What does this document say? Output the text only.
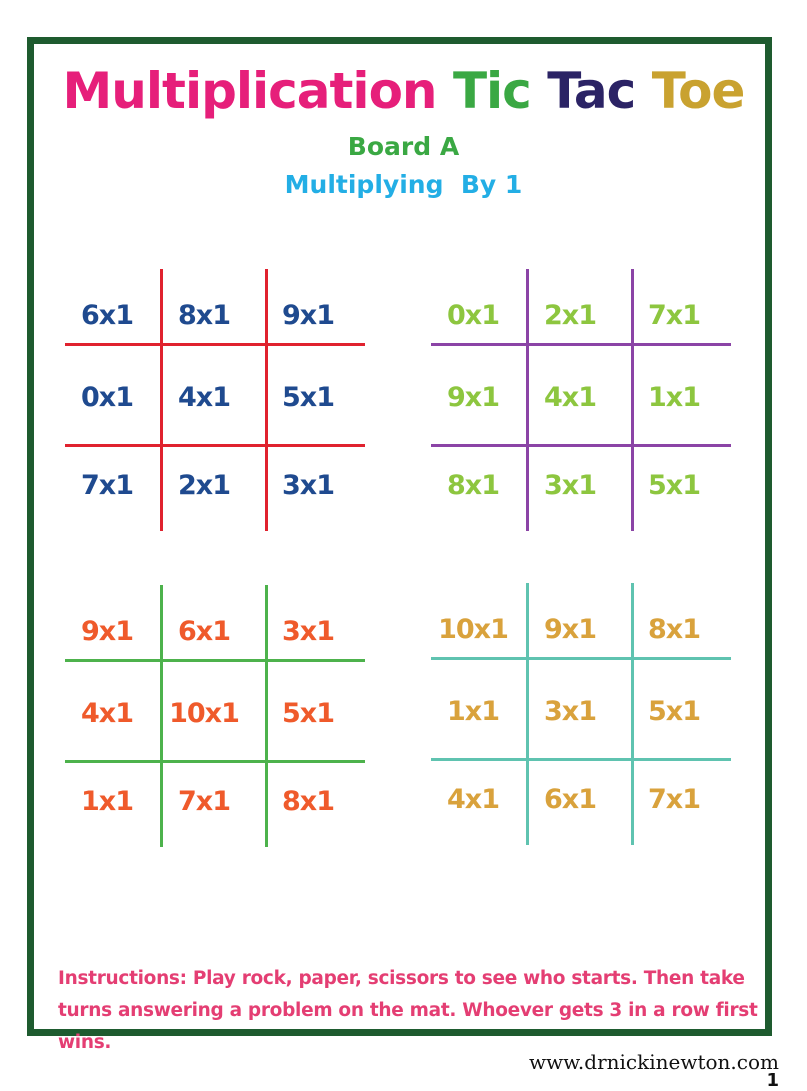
Multiplication Tic Tac Toe
Board A
Multiplying  By 1
6x1	8x1	9x1
0x1	4x1	5x1
7x1	2x1	3x1
0x1	2x1	7x1
9x1	4x1	1x1
8x1	3x1	5x1
9x1	6x1	3x1
4x1	10x1	5x1
1x1	7x1	8x1
10x1	9x1	8x1
1x1	3x1	5x1
4x1	6x1	7x1
Instructions: Play rock, paper, scissors to see who starts. Then take turns answering a problem on the mat. Whoever gets 3 in a row first wins.
www.drnickinewton.com
1
